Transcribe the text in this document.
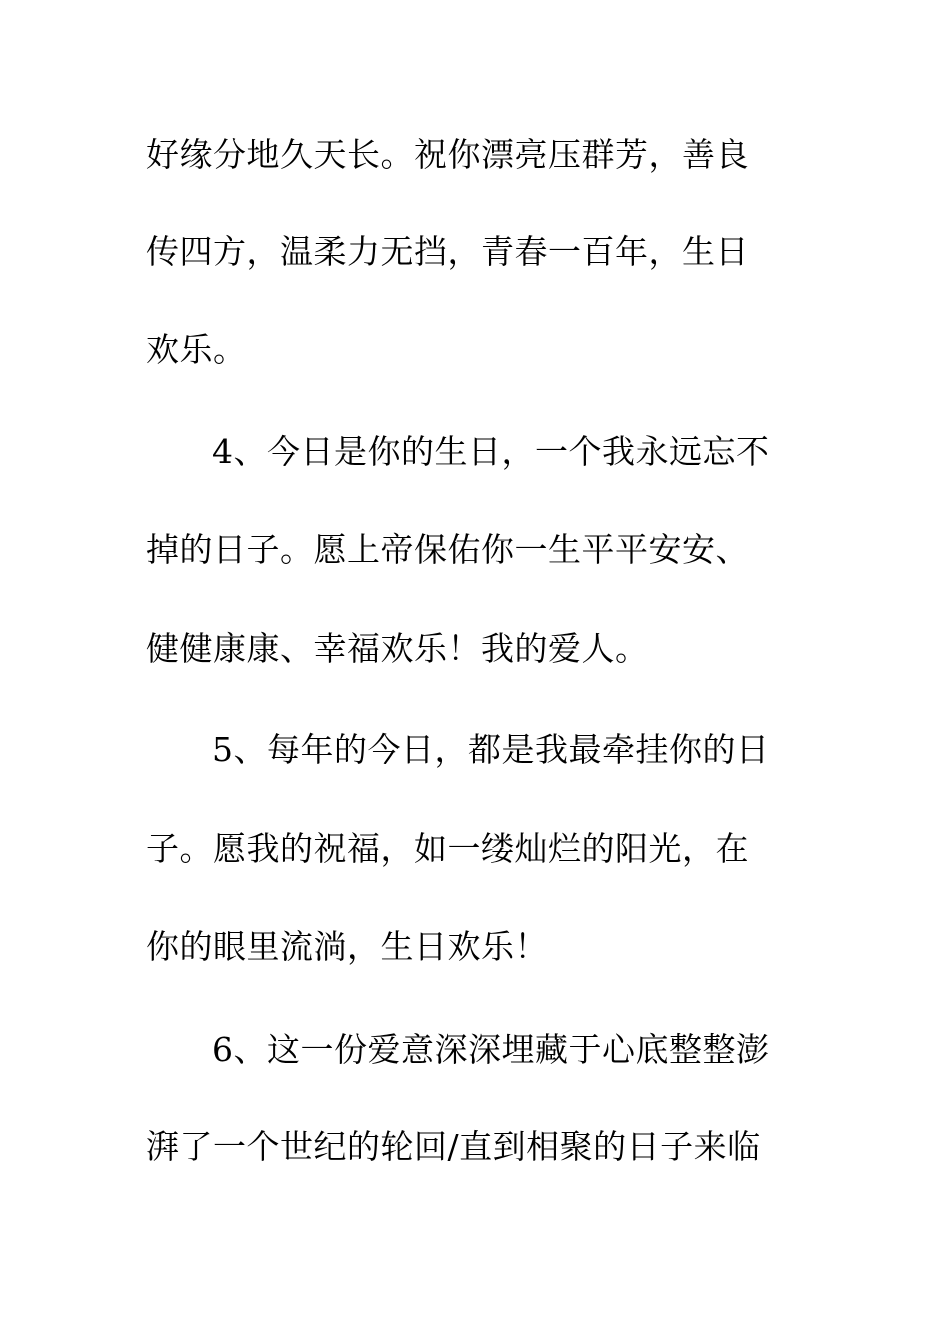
好缘分地久天长。祝你漂亮压群芳，善良
传四方，温柔力无挡，青春一百年，生日
欢乐。
4、今日是你的生日，一个我永远忘不
掉的日子。愿上帝保佑你一生平平安安、
健健康康、幸福欢乐！我的爱人。
5、每年的今日，都是我最牵挂你的日
子。愿我的祝福，如一缕灿烂的阳光，在
你的眼里流淌，生日欢乐！
6、这一份爱意深深埋藏于心底整整澎
湃了一个世纪的轮回/直到相聚的日子来临
